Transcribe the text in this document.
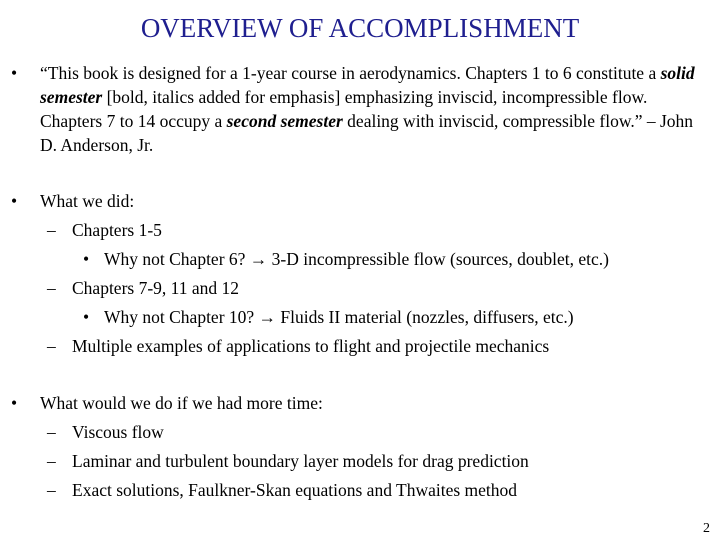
OVERVIEW OF ACCOMPLISHMENT
• “This book is designed for a 1-year course in aerodynamics. Chapters 1 to 6 constitute a solid semester [bold, italics added for emphasis] emphasizing inviscid, incompressible flow. Chapters 7 to 14 occupy a second semester dealing with inviscid, compressible flow.” – John D. Anderson, Jr.
• What we did:
– Chapters 1-5
• Why not Chapter 6? → 3-D incompressible flow (sources, doublet, etc.)
– Chapters 7-9, 11 and 12
• Why not Chapter 10? → Fluids II material (nozzles, diffusers, etc.)
– Multiple examples of applications to flight and projectile mechanics
• What would we do if we had more time:
– Viscous flow
– Laminar and turbulent boundary layer models for drag prediction
– Exact solutions, Faulkner-Skan equations and Thwaites method
2
